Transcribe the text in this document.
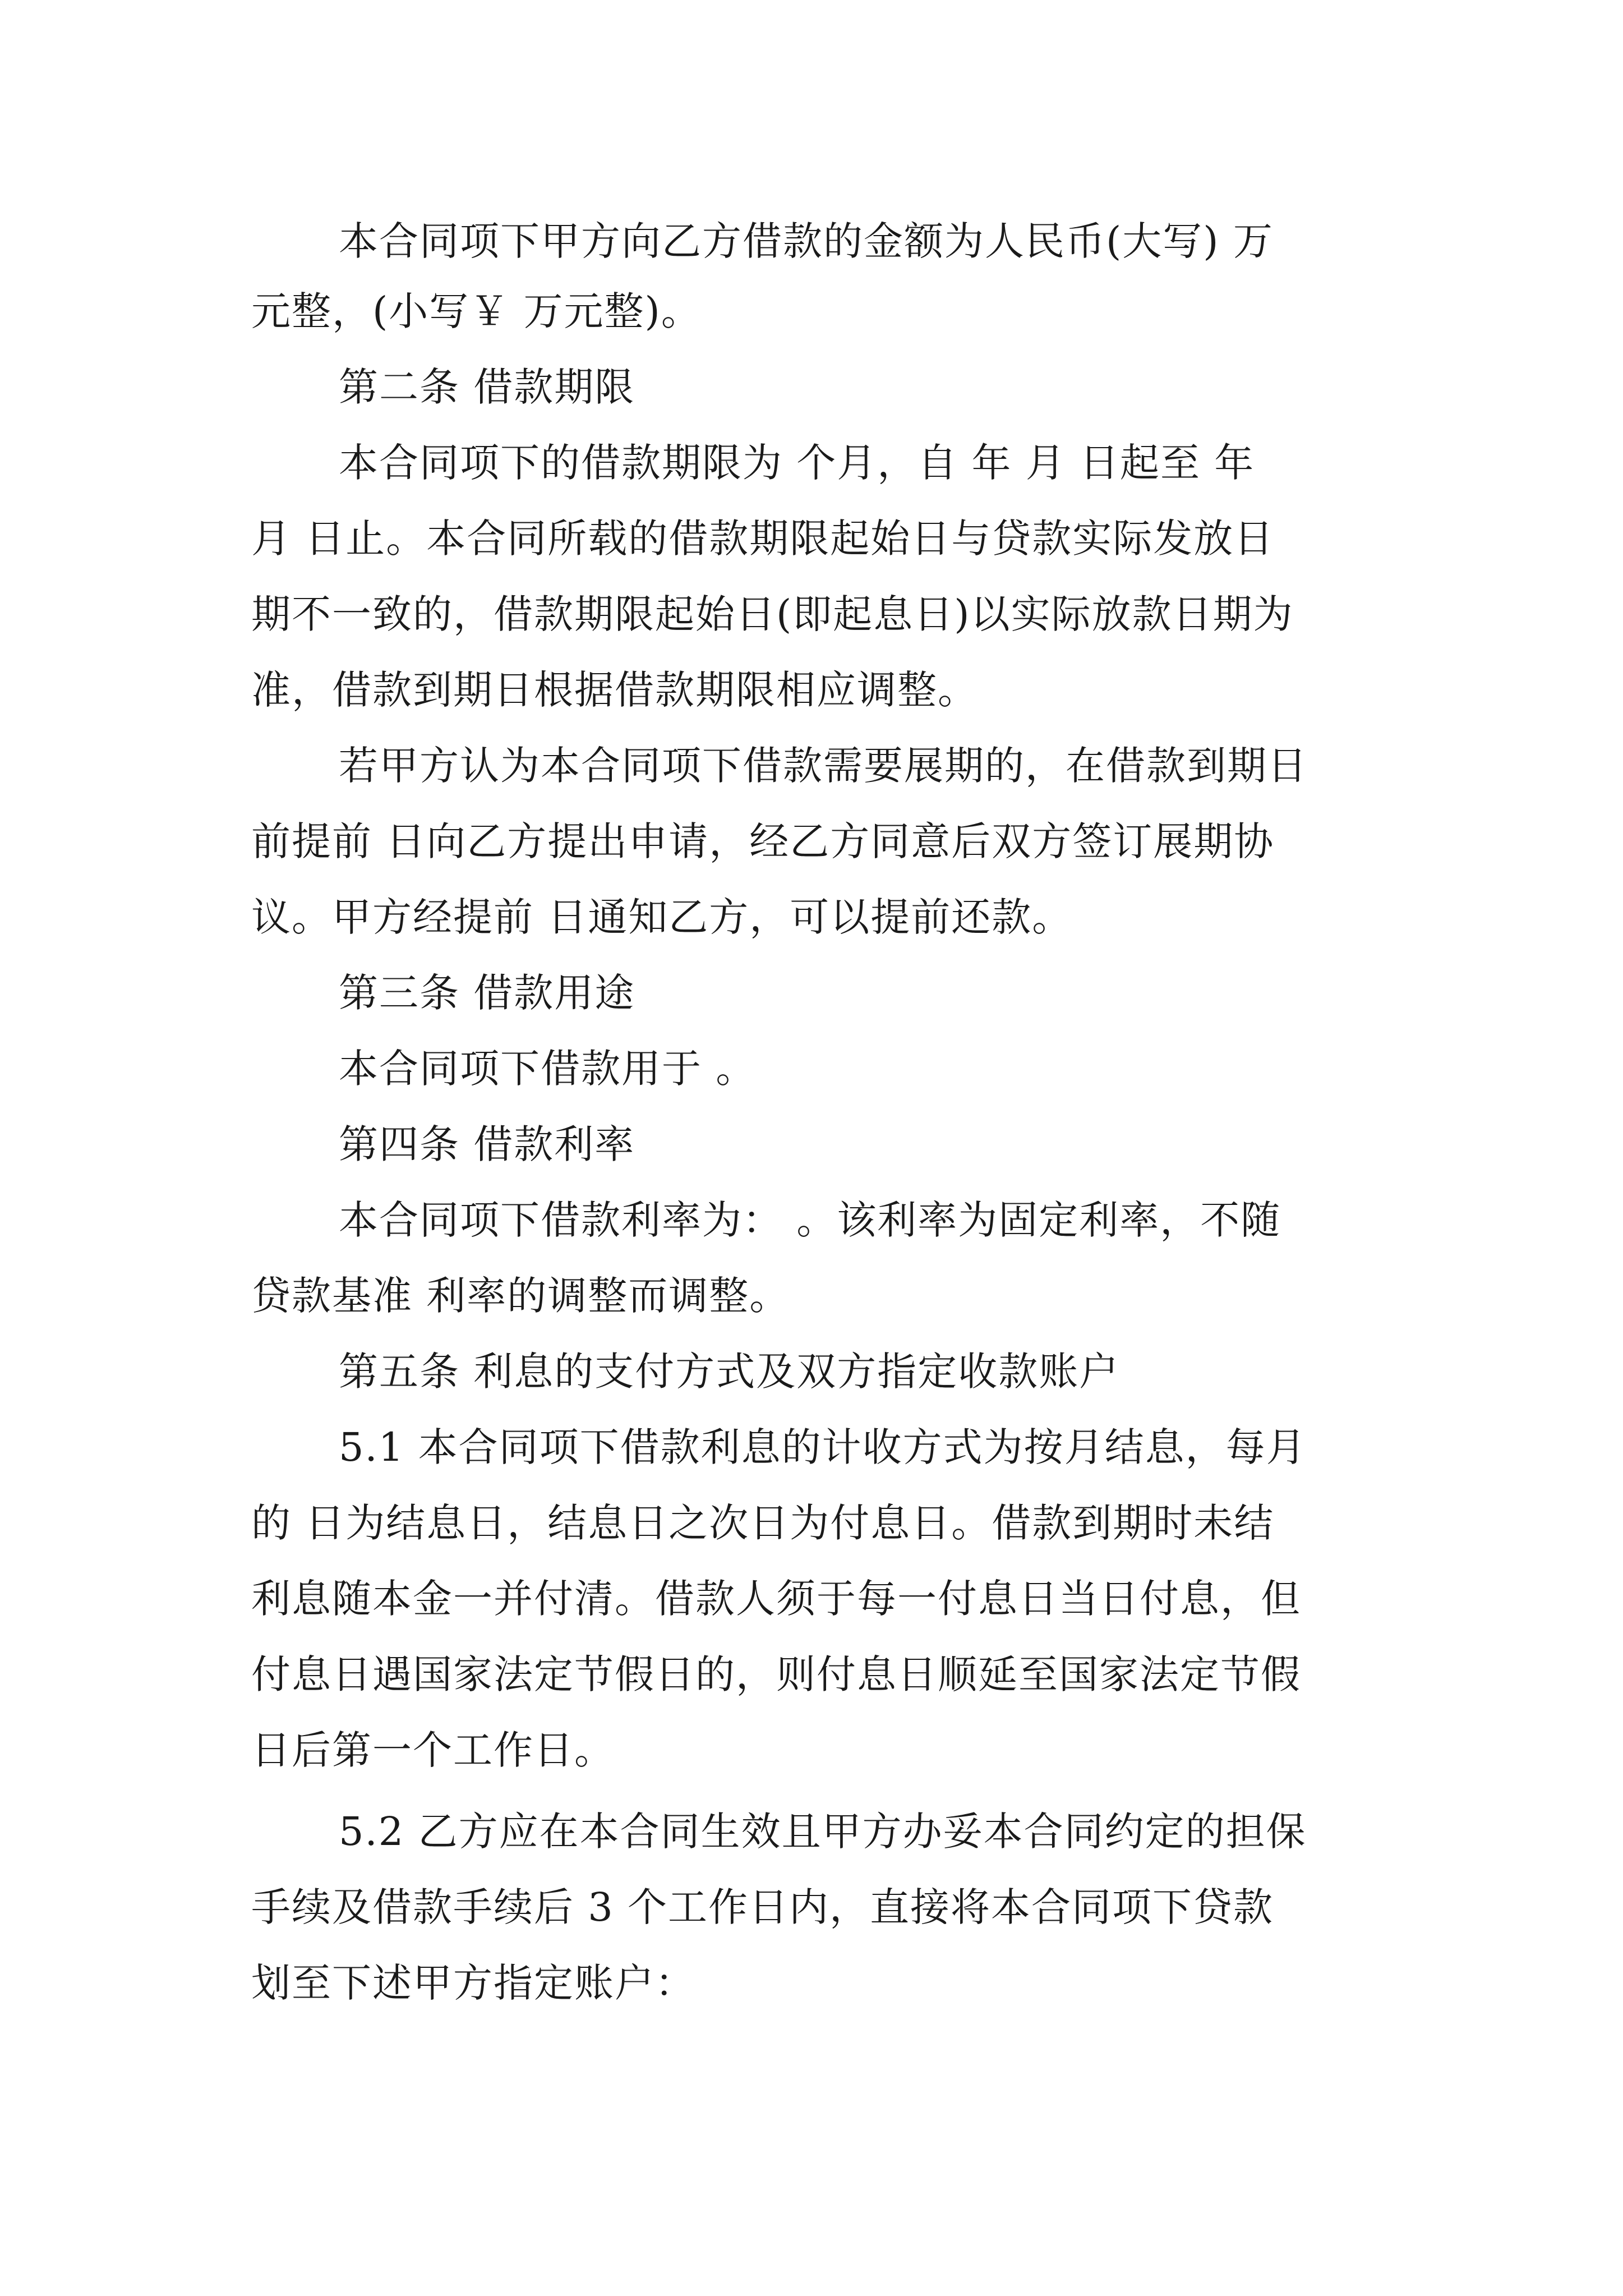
本合同项下甲方向乙方借款的金额为人民币(大写) 万
元整，(小写￥ 万元整)。
第二条 借款期限
本合同项下的借款期限为 个月，自 年 月 日起至 年
月 日止。本合同所载的借款期限起始日与贷款实际发放日
期不一致的，借款期限起始日(即起息日)以实际放款日期为
准，借款到期日根据借款期限相应调整。
若甲方认为本合同项下借款需要展期的，在借款到期日
前提前 日向乙方提出申请，经乙方同意后双方签订展期协
议。甲方经提前 日通知乙方，可以提前还款。
第三条 借款用途
本合同项下借款用于 。
第四条 借款利率
本合同项下借款利率为： 。该利率为固定利率，不随
贷款基准 利率的调整而调整。
第五条 利息的支付方式及双方指定收款账户
5.1 本合同项下借款利息的计收方式为按月结息，每月
的 日为结息日，结息日之次日为付息日。借款到期时未结
利息随本金一并付清。借款人须于每一付息日当日付息，但
付息日遇国家法定节假日的，则付息日顺延至国家法定节假
日后第一个工作日。
5.2 乙方应在本合同生效且甲方办妥本合同约定的担保
手续及借款手续后 3 个工作日内，直接将本合同项下贷款
划至下述甲方指定账户：
